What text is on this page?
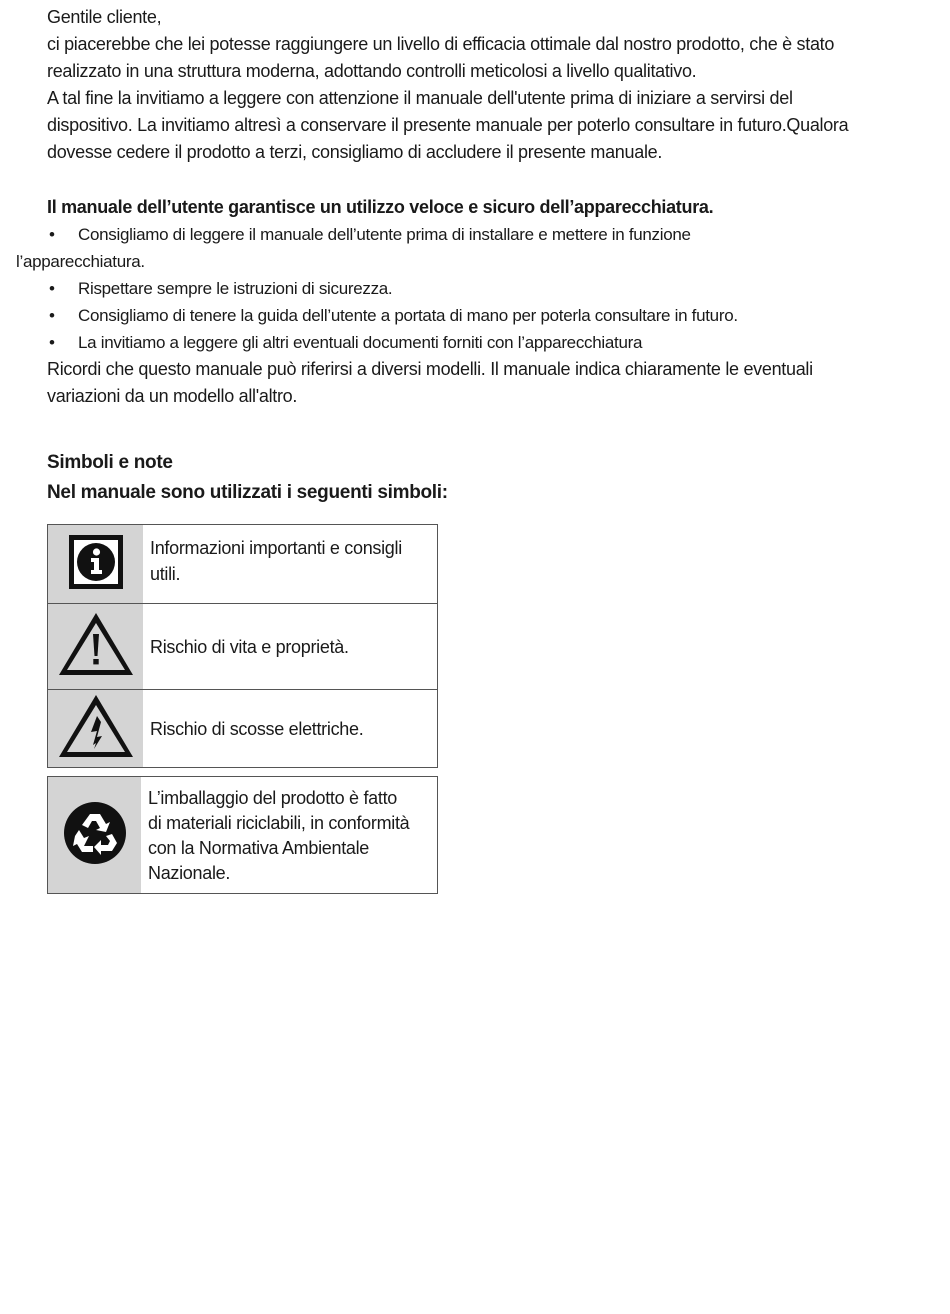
Gentile cliente,

ci piacerebbe che lei potesse raggiungere un livello di efficacia ottimale dal nostro prodotto, che è stato
realizzato in una struttura moderna, adottando controlli meticolosi a livello qualitativo.

A tal fine la invitiamo a leggere con attenzione il manuale dell'utente prima di iniziare a servirsi del
dispositivo. La invitiamo altresì a conservare il presente manuale per poterlo consultare in futuro.Qualora
dovesse cedere il prodotto a terzi, consigliamo di accludere il presente manuale.

Il manuale dell’utente garantisce un utilizzo veloce e sicuro dell’apparecchiatura.

• Consigliamo di leggere il manuale dell’utente prima di installare e mettere in funzione
l’apparecchiatura.
• Rispettare sempre le istruzioni di sicurezza.
• Consigliamo di tenere la guida dell’utente a portata di mano per poterla consultare in futuro.
• La invitiamo a leggere gli altri eventuali documenti forniti con l’apparecchiatura

Ricordi che questo manuale può riferirsi a diversi modelli. Il manuale indica chiaramente le eventuali
variazioni da un modello all'altro.

Simboli e note

Nel manuale sono utilizzati i seguenti simboli:

Informazioni importanti e consigli
utili.
Rischio di vita e proprietà.
Rischio di scosse elettriche.
L’imballaggio del prodotto è fatto
di materiali riciclabili, in conformità
con la Normativa Ambientale
Nazionale.
